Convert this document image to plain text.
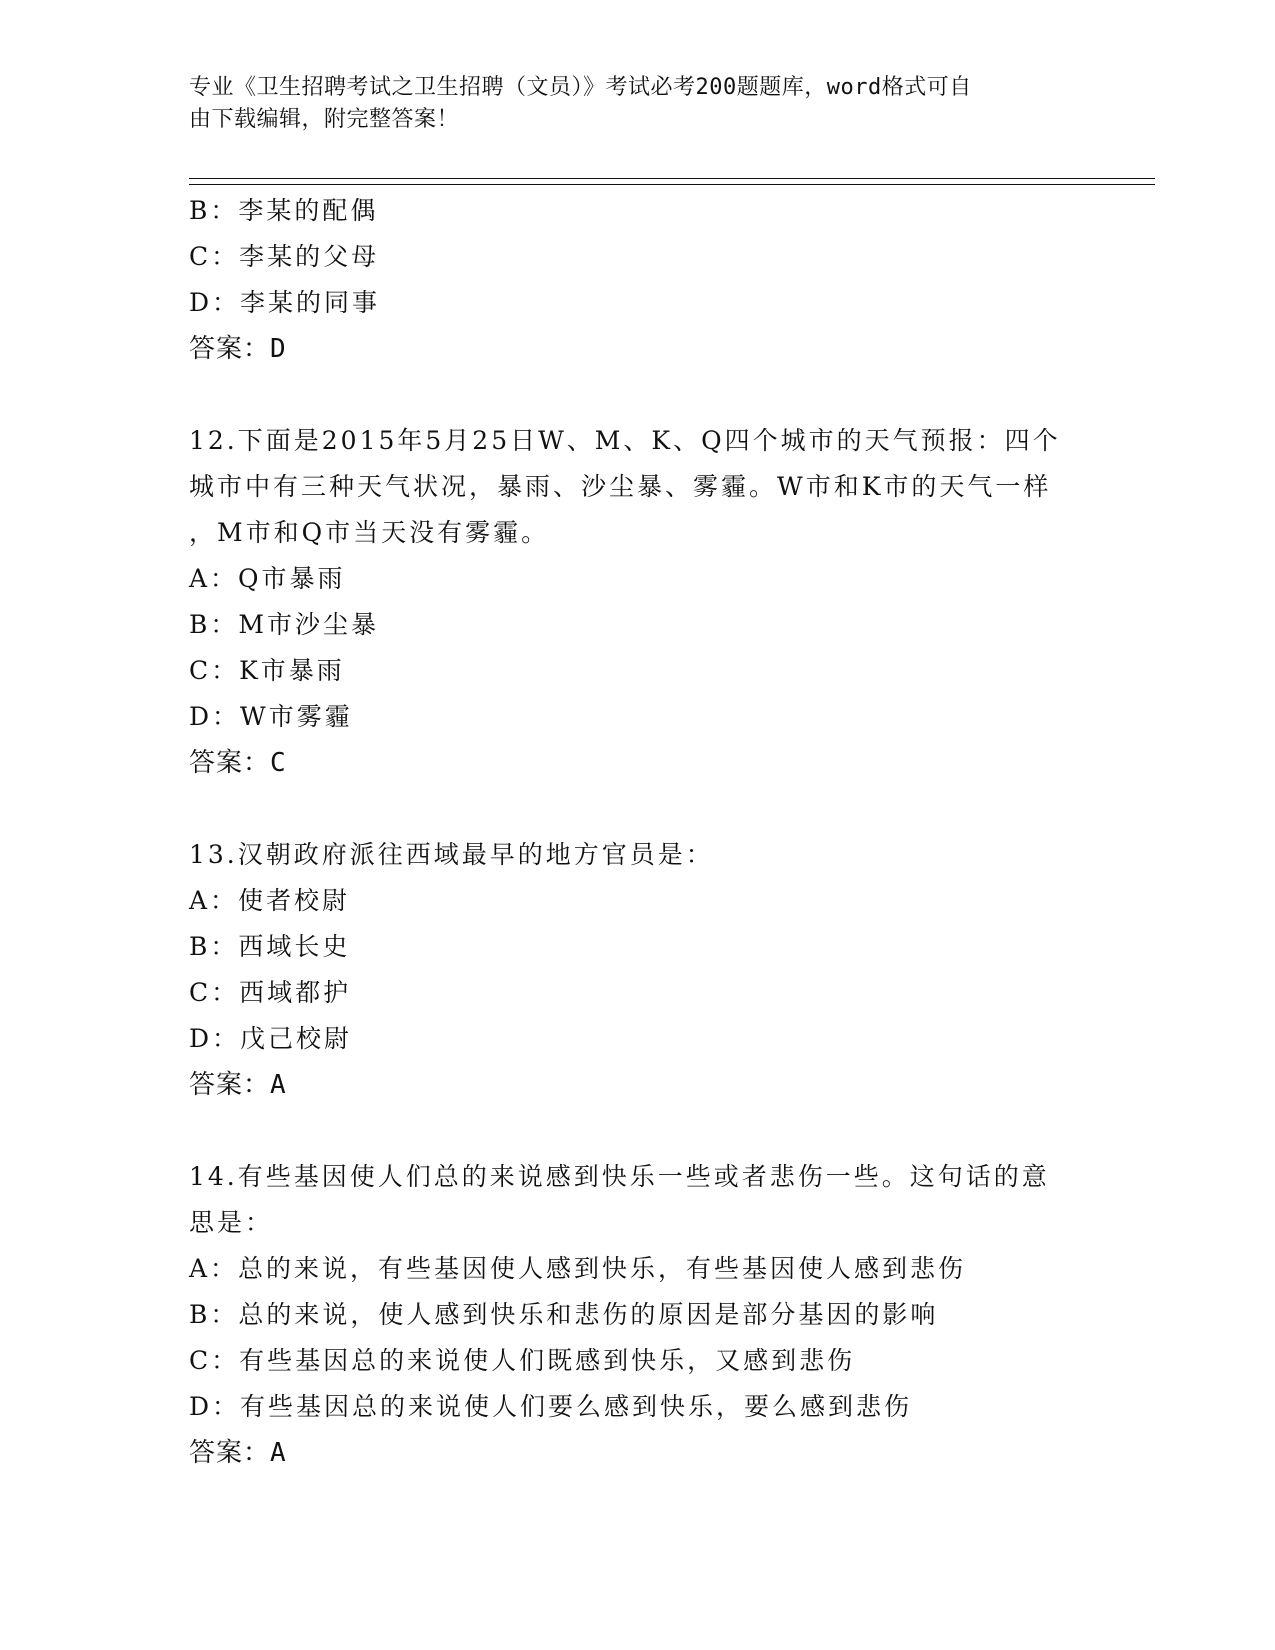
专业《卫生招聘考试之卫生招聘（文员）》考试必考200题题库，word格式可自
由下载编辑，附完整答案！
B：李某的配偶
C：李某的父母
D：李某的同事
答案：D
12.下面是2015年5月25日W、M、K、Q四个城市的天气预报：四个
城市中有三种天气状况，暴雨、沙尘暴、雾霾。W市和K市的天气一样
，M市和Q市当天没有雾霾。
A：Q市暴雨
B：M市沙尘暴
C：K市暴雨
D：W市雾霾
答案：C
13.汉朝政府派往西域最早的地方官员是：
A：使者校尉
B：西域长史
C：西域都护
D：戊己校尉
答案：A
14.有些基因使人们总的来说感到快乐一些或者悲伤一些。这句话的意
思是：
A：总的来说，有些基因使人感到快乐，有些基因使人感到悲伤
B：总的来说，使人感到快乐和悲伤的原因是部分基因的影响
C：有些基因总的来说使人们既感到快乐，又感到悲伤
D：有些基因总的来说使人们要么感到快乐，要么感到悲伤
答案：A
